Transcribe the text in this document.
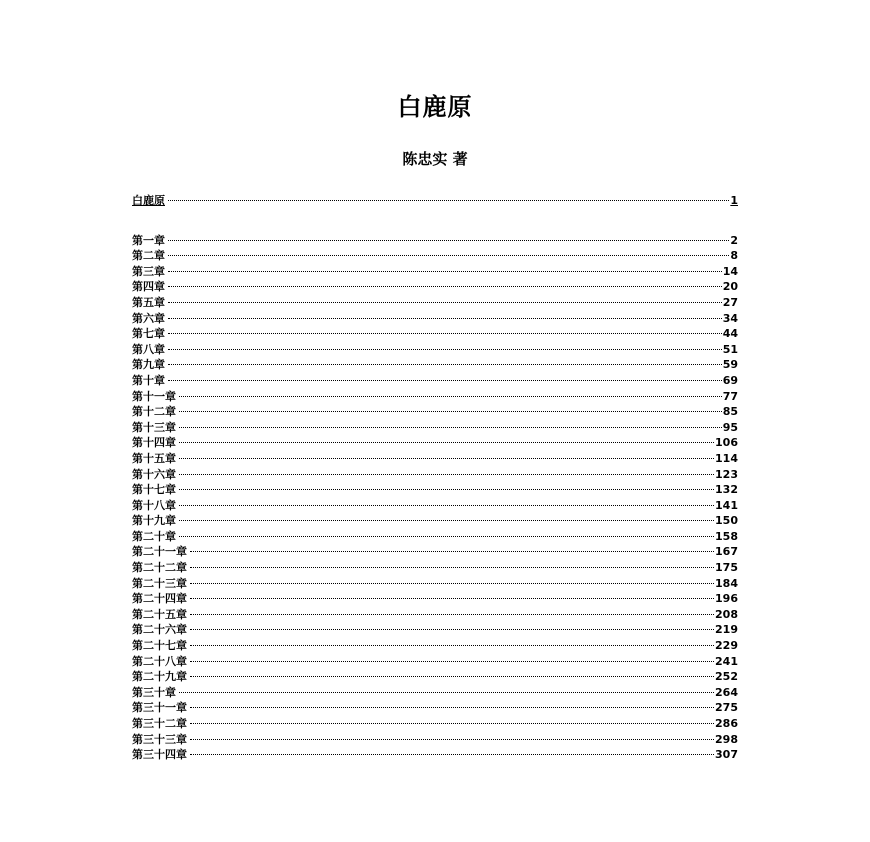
白鹿原
陈忠实 著
白鹿原	1
第一章	2
第二章	8
第三章	14
第四章	20
第五章	27
第六章	34
第七章	44
第八章	51
第九章	59
第十章	69
第十一章	77
第十二章	85
第十三章	95
第十四章	106
第十五章	114
第十六章	123
第十七章	132
第十八章	141
第十九章	150
第二十章	158
第二十一章	167
第二十二章	175
第二十三章	184
第二十四章	196
第二十五章	208
第二十六章	219
第二十七章	229
第二十八章	241
第二十九章	252
第三十章	264
第三十一章	275
第三十二章	286
第三十三章	298
第三十四章	307
